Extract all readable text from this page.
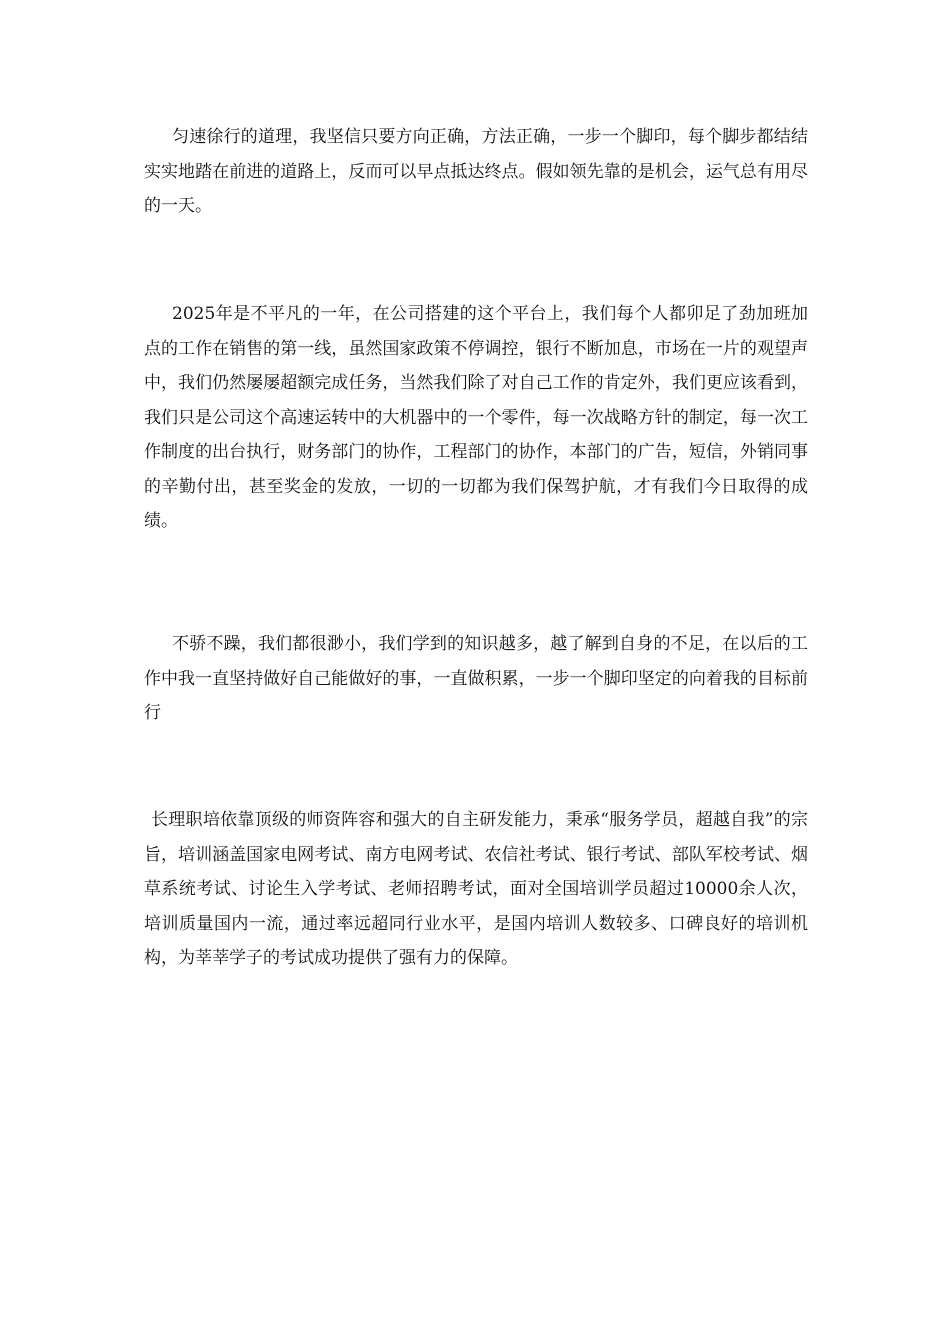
匀速徐行的道理，我坚信只要方向正确，方法正确，一步一个脚印，每个脚步都结结实实地踏在前进的道路上，反而可以早点抵达终点。假如领先靠的是机会，运气总有用尽的一天。

2025年是不平凡的一年，在公司搭建的这个平台上，我们每个人都卯足了劲加班加点的工作在销售的第一线，虽然国家政策不停调控，银行不断加息，市场在一片的观望声中，我们仍然屡屡超额完成任务，当然我们除了对自己工作的肯定外，我们更应该看到，我们只是公司这个高速运转中的大机器中的一个零件，每一次战略方针的制定，每一次工作制度的出台执行，财务部门的协作，工程部门的协作，本部门的广告，短信，外销同事的辛勤付出，甚至奖金的发放，一切的一切都为我们保驾护航，才有我们今日取得的成绩。

不骄不躁，我们都很渺小，我们学到的知识越多，越了解到自身的不足，在以后的工作中我一直坚持做好自己能做好的事，一直做积累，一步一个脚印坚定的向着我的目标前行

长理职培依靠顶级的师资阵容和强大的自主研发能力，秉承“服务学员，超越自我”的宗旨，培训涵盖国家电网考试、南方电网考试、农信社考试、银行考试、部队军校考试、烟草系统考试、讨论生入学考试、老师招聘考试，面对全国培训学员超过10000余人次，培训质量国内一流，通过率远超同行业水平，是国内培训人数较多、口碑良好的培训机构，为莘莘学子的考试成功提供了强有力的保障。
